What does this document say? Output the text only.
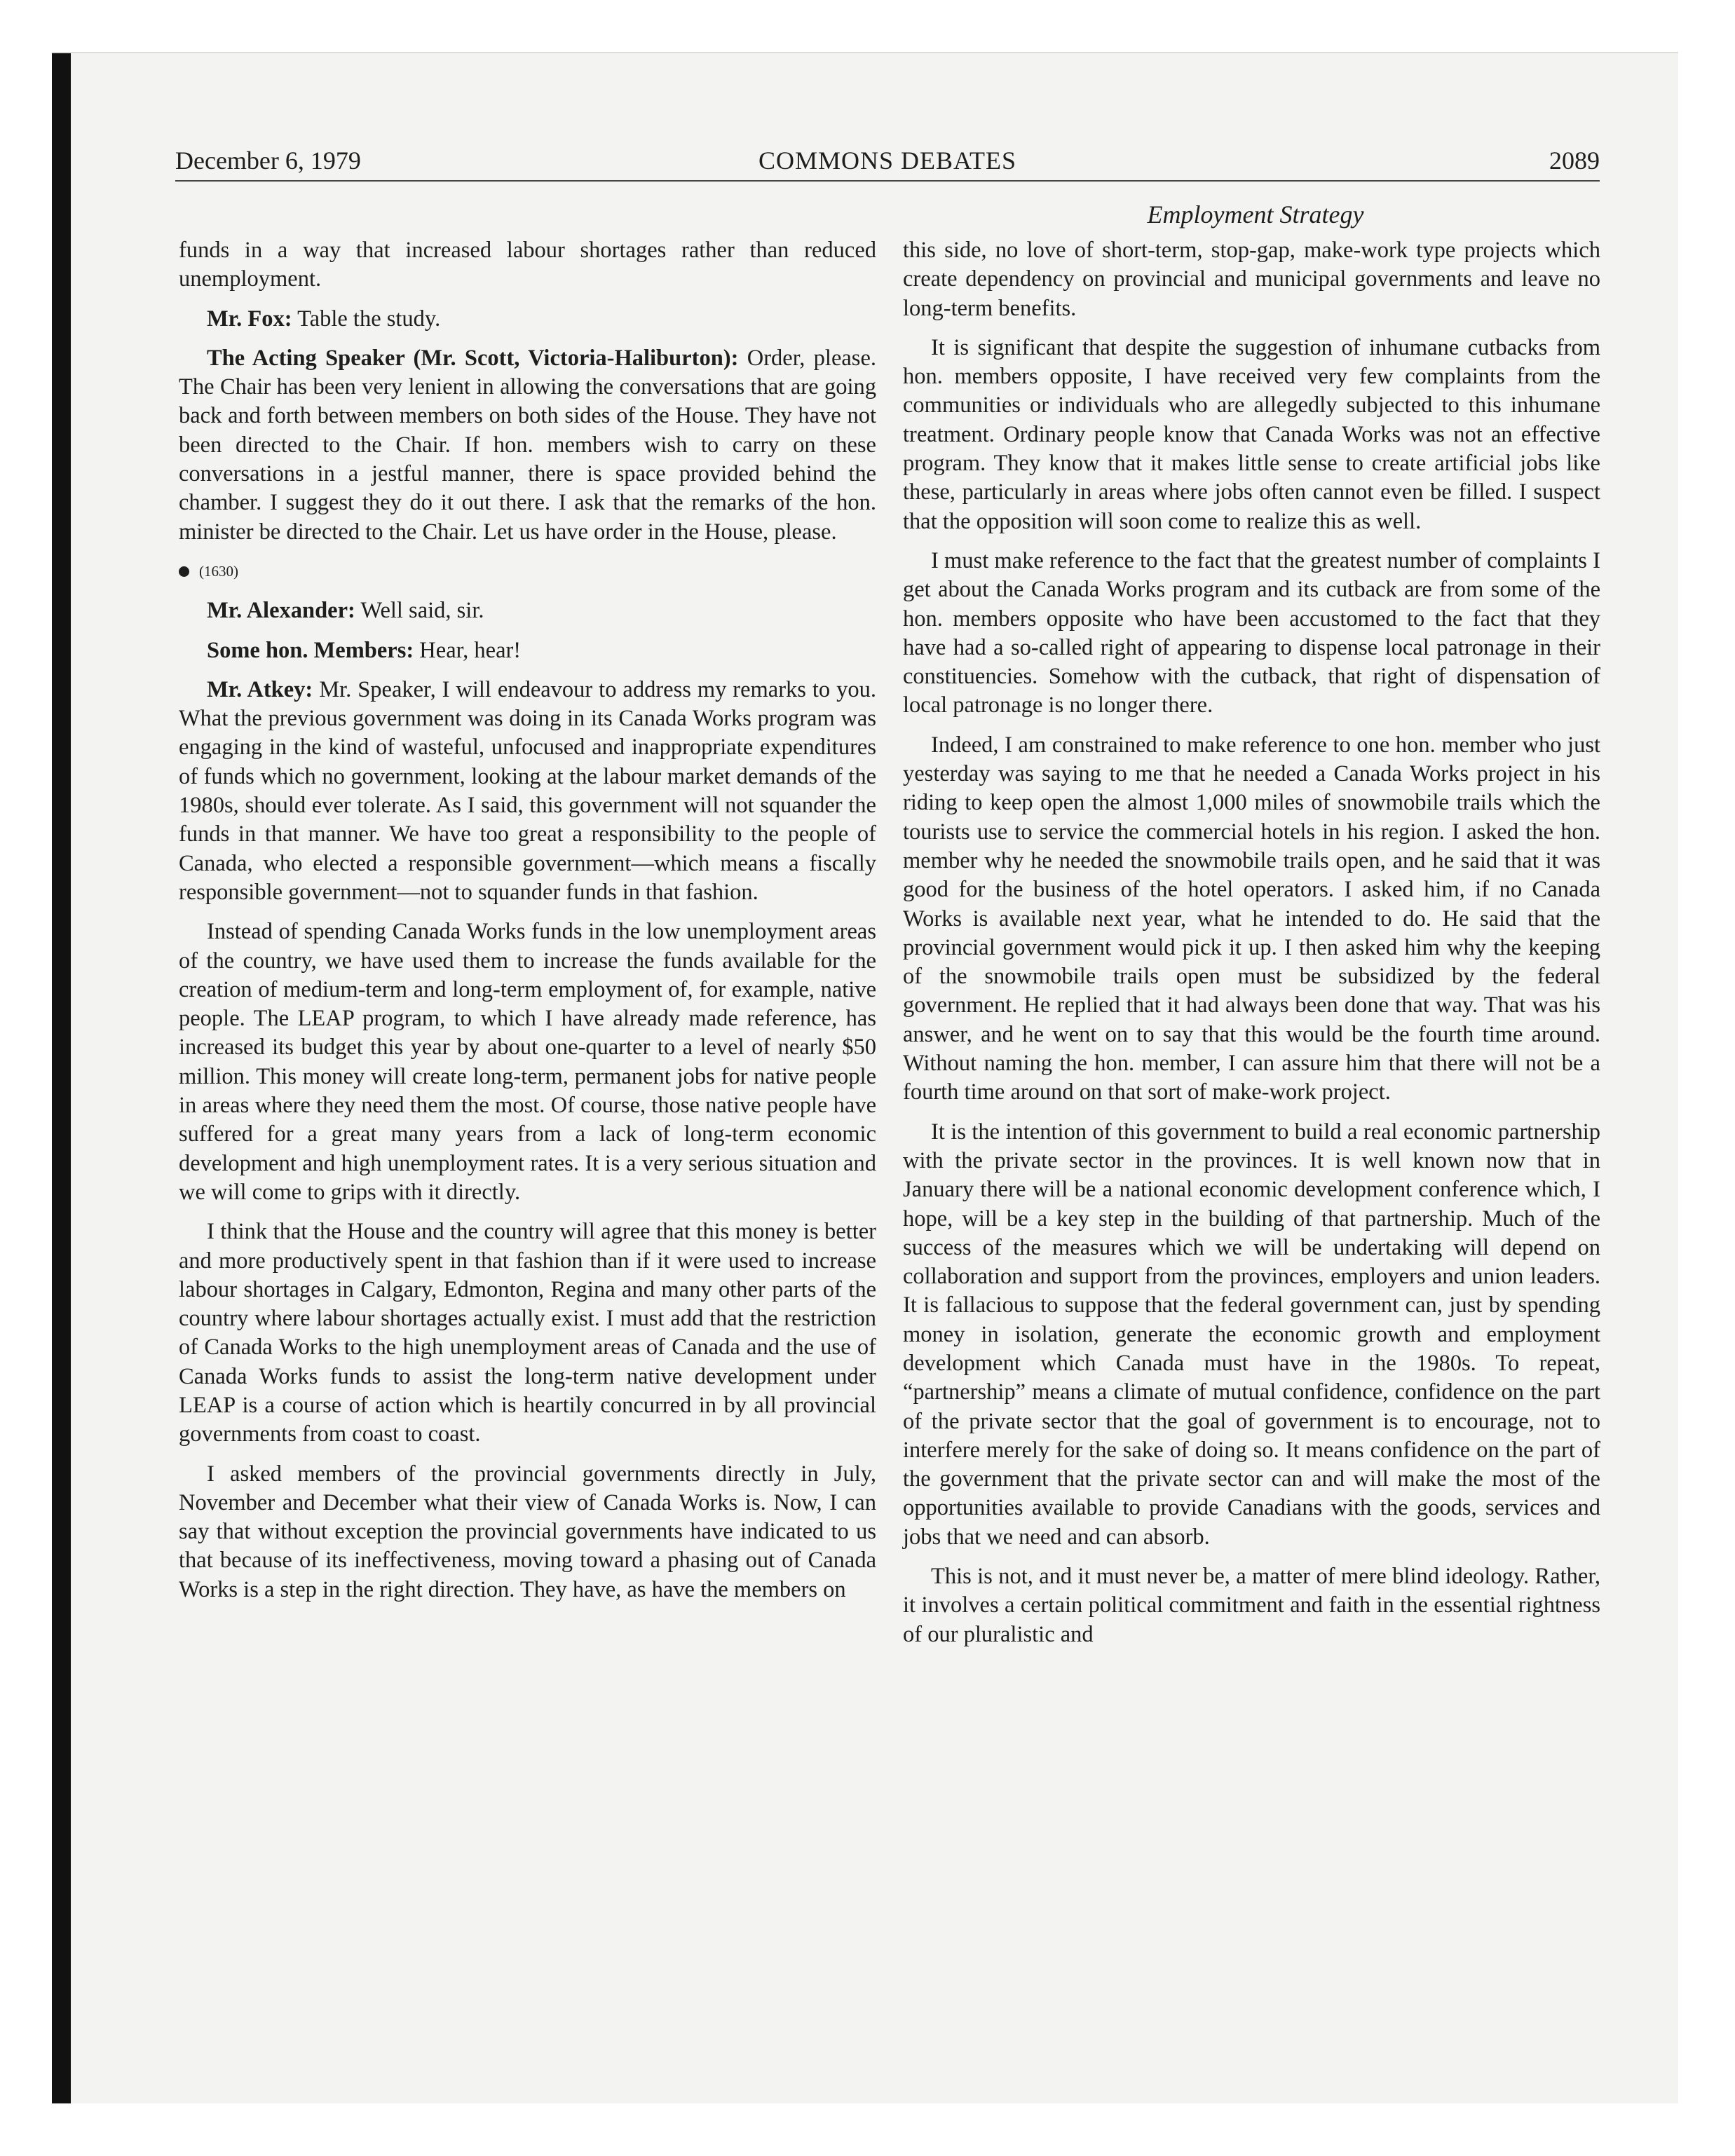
December 6, 1979	COMMONS DEBATES	2089
Employment Strategy

funds in a way that increased labour shortages rather than reduced unemployment.

Mr. Fox: Table the study.

The Acting Speaker (Mr. Scott, Victoria-Haliburton): Order, please. The Chair has been very lenient in allowing the conversations that are going back and forth between members on both sides of the House. They have not been directed to the Chair. If hon. members wish to carry on these conversations in a jestful manner, there is space provided behind the chamber. I suggest they do it out there. I ask that the remarks of the hon. minister be directed to the Chair. Let us have order in the House, please.

(1630)

Mr. Alexander: Well said, sir.

Some hon. Members: Hear, hear!

Mr. Atkey: Mr. Speaker, I will endeavour to address my remarks to you. What the previous government was doing in its Canada Works program was engaging in the kind of wasteful, unfocused and inappropriate expenditures of funds which no government, looking at the labour market demands of the 1980s, should ever tolerate. As I said, this government will not squander the funds in that manner. We have too great a responsibility to the people of Canada, who elected a responsible government—which means a fiscally responsible government—not to squander funds in that fashion.

Instead of spending Canada Works funds in the low unemployment areas of the country, we have used them to increase the funds available for the creation of medium-term and long-term employment of, for example, native people. The LEAP program, to which I have already made reference, has increased its budget this year by about one-quarter to a level of nearly $50 million. This money will create long-term, permanent jobs for native people in areas where they need them the most. Of course, those native people have suffered for a great many years from a lack of long-term economic development and high unemployment rates. It is a very serious situation and we will come to grips with it directly.

I think that the House and the country will agree that this money is better and more productively spent in that fashion than if it were used to increase labour shortages in Calgary, Edmonton, Regina and many other parts of the country where labour shortages actually exist. I must add that the restriction of Canada Works to the high unemployment areas of Canada and the use of Canada Works funds to assist the long-term native development under LEAP is a course of action which is heartily concurred in by all provincial governments from coast to coast.

I asked members of the provincial governments directly in July, November and December what their view of Canada Works is. Now, I can say that without exception the provincial governments have indicated to us that because of its ineffectiveness, moving toward a phasing out of Canada Works is a step in the right direction. They have, as have the members on

this side, no love of short-term, stop-gap, make-work type projects which create dependency on provincial and municipal governments and leave no long-term benefits.

It is significant that despite the suggestion of inhumane cutbacks from hon. members opposite, I have received very few complaints from the communities or individuals who are allegedly subjected to this inhumane treatment. Ordinary people know that Canada Works was not an effective program. They know that it makes little sense to create artificial jobs like these, particularly in areas where jobs often cannot even be filled. I suspect that the opposition will soon come to realize this as well.

I must make reference to the fact that the greatest number of complaints I get about the Canada Works program and its cutback are from some of the hon. members opposite who have been accustomed to the fact that they have had a so-called right of appearing to dispense local patronage in their constituencies. Somehow with the cutback, that right of dispensation of local patronage is no longer there.

Indeed, I am constrained to make reference to one hon. member who just yesterday was saying to me that he needed a Canada Works project in his riding to keep open the almost 1,000 miles of snowmobile trails which the tourists use to service the commercial hotels in his region. I asked the hon. member why he needed the snowmobile trails open, and he said that it was good for the business of the hotel operators. I asked him, if no Canada Works is available next year, what he intended to do. He said that the provincial government would pick it up. I then asked him why the keeping of the snowmobile trails open must be subsidized by the federal government. He replied that it had always been done that way. That was his answer, and he went on to say that this would be the fourth time around. Without naming the hon. member, I can assure him that there will not be a fourth time around on that sort of make-work project.

It is the intention of this government to build a real economic partnership with the private sector in the provinces. It is well known now that in January there will be a national economic development conference which, I hope, will be a key step in the building of that partnership. Much of the success of the measures which we will be undertaking will depend on collaboration and support from the provinces, employers and union leaders. It is fallacious to suppose that the federal government can, just by spending money in isolation, generate the economic growth and employment development which Canada must have in the 1980s. To repeat, “partnership” means a climate of mutual confidence, confidence on the part of the private sector that the goal of government is to encourage, not to interfere merely for the sake of doing so. It means confidence on the part of the government that the private sector can and will make the most of the opportunities available to provide Canadians with the goods, services and jobs that we need and can absorb.

This is not, and it must never be, a matter of mere blind ideology. Rather, it involves a certain political commitment and faith in the essential rightness of our pluralistic and
